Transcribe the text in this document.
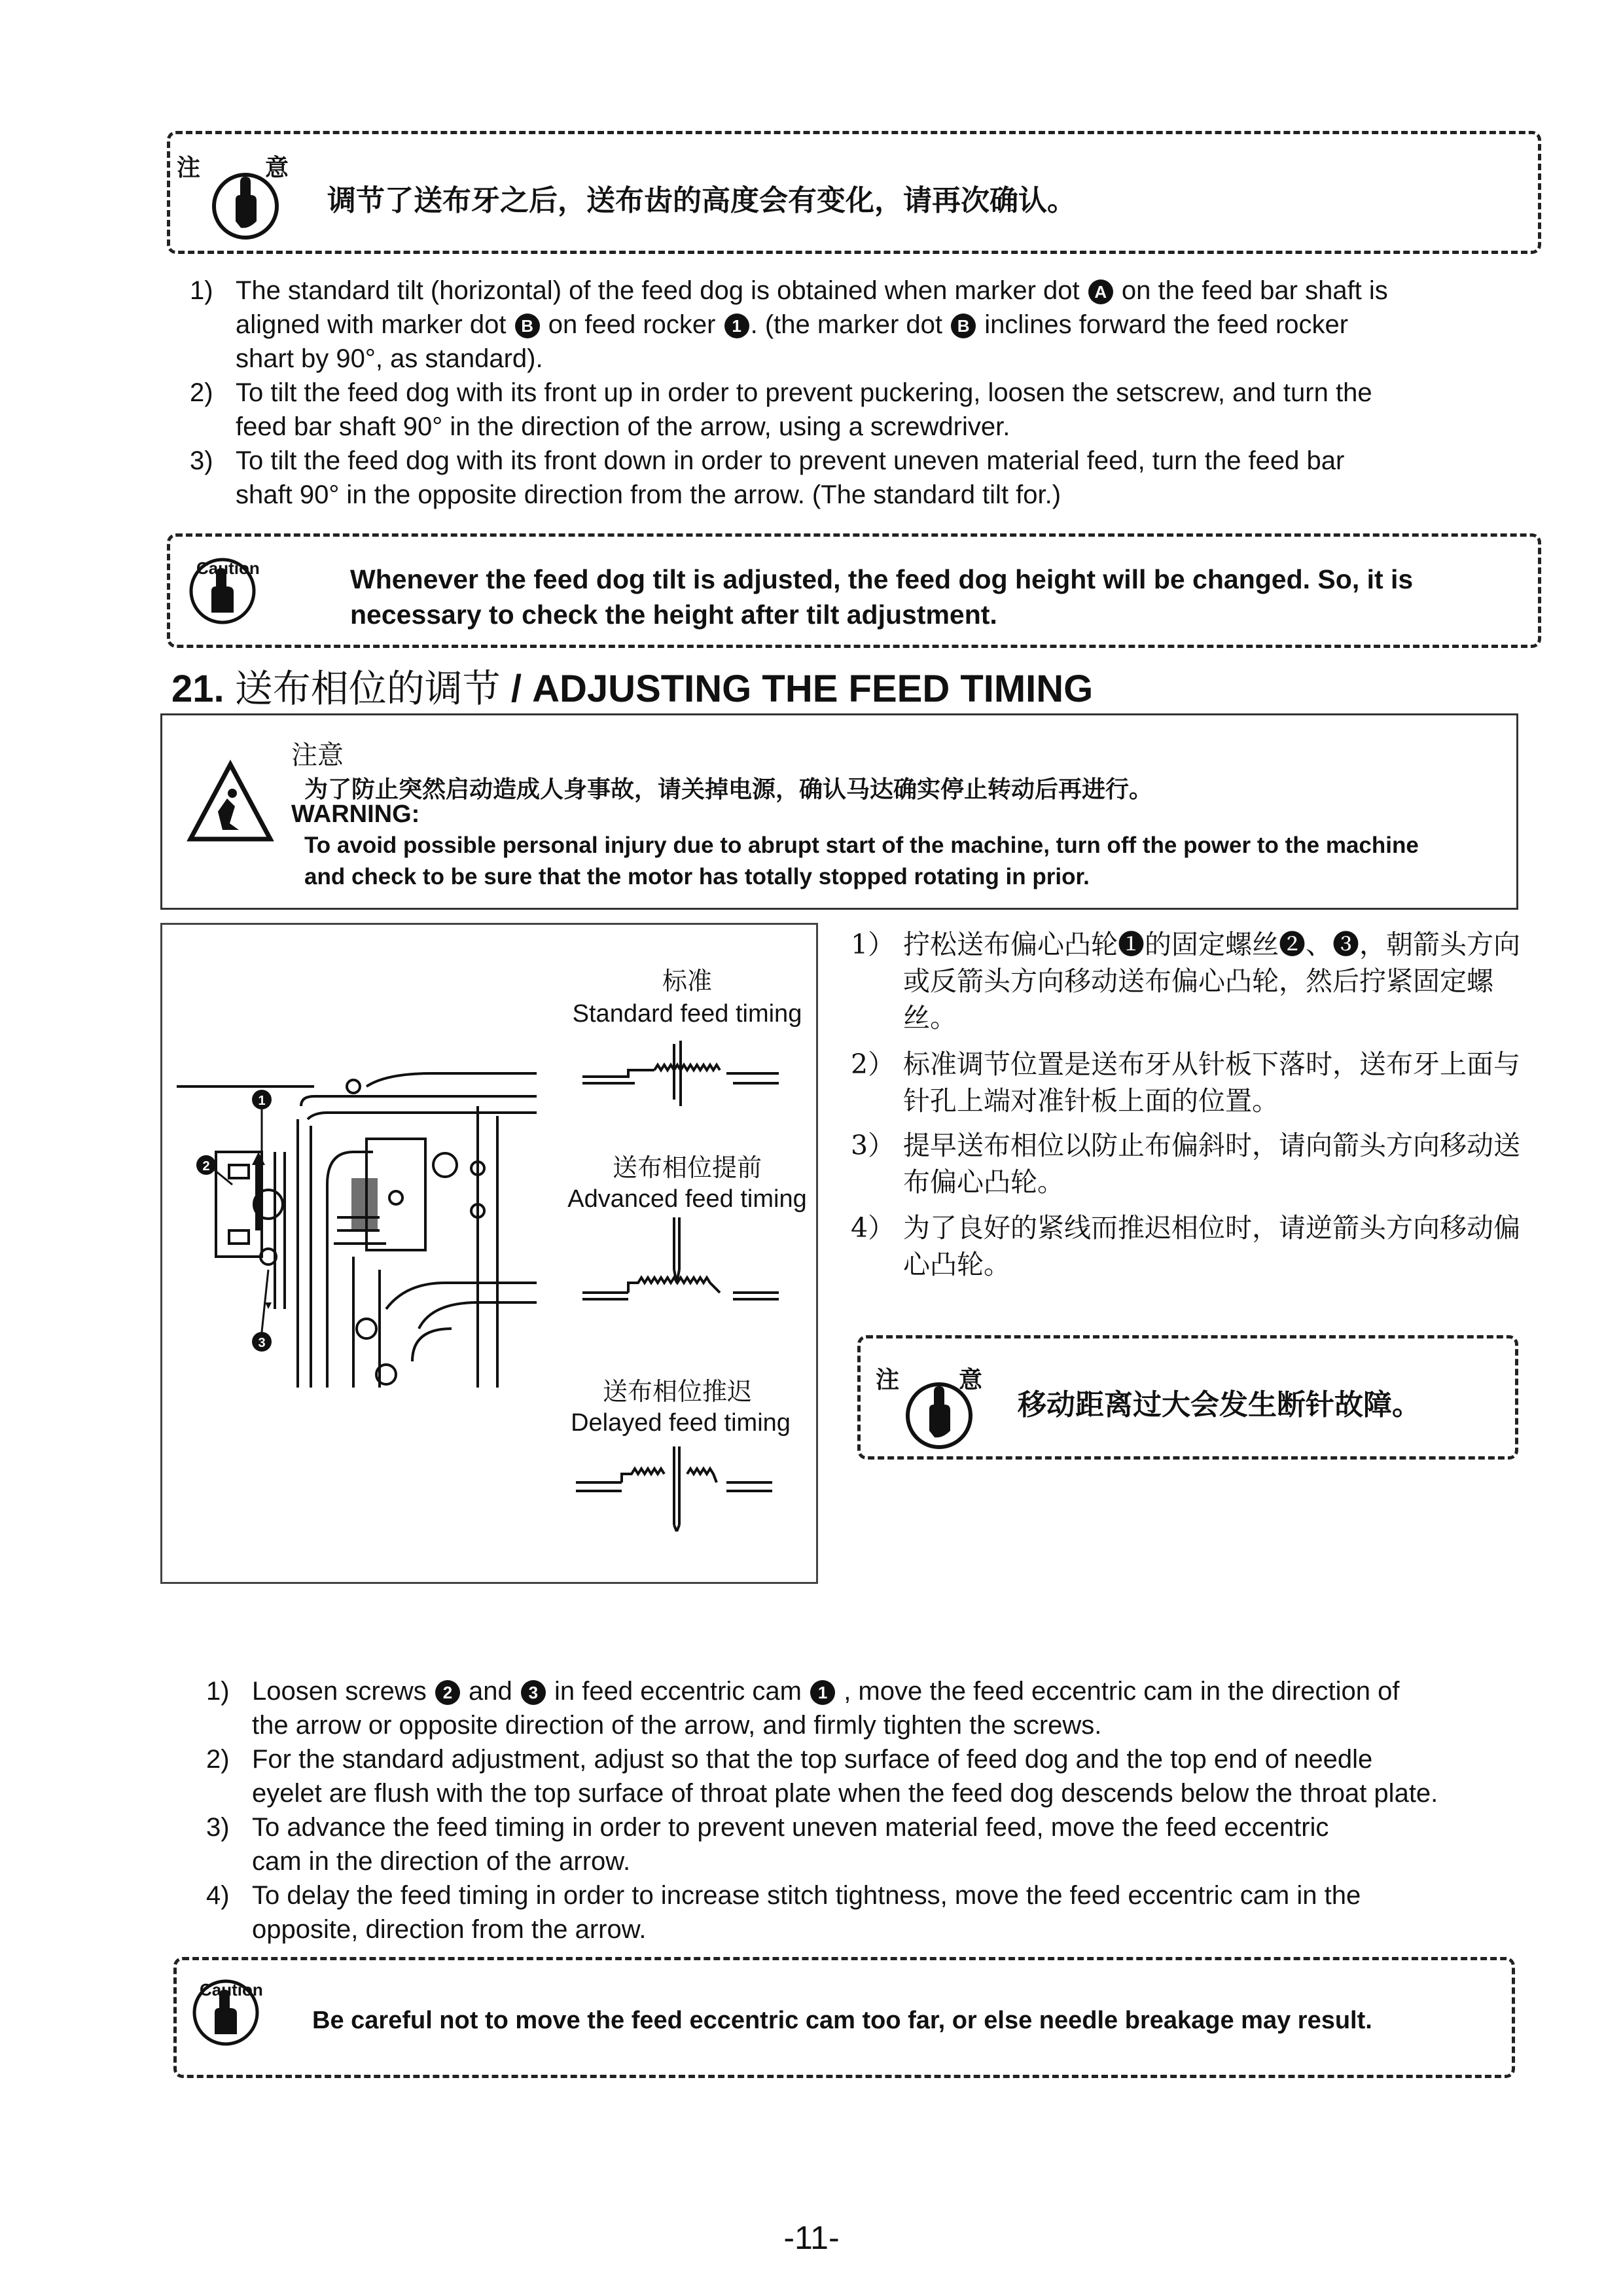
注	意
调节了送布牙之后，送布齿的高度会有变化，请再次确认。
1) The standard tilt (horizontal) of the feed dog is obtained when marker dot A on the feed bar shaft is
aligned with marker dot B on feed rocker 1 . (the marker dot B inclines forward the feed rocker
shart by 90°, as standard).
2) To tilt the feed dog with its front up in order to prevent puckering, loosen the setscrew, and turn the
feed bar shaft 90° in the direction of the arrow, using a screwdriver.
3) To tilt the feed dog with its front down in order to prevent uneven material feed, turn the feed bar
shaft 90° in the opposite direction from the arrow. (The standard tilt for.)
Caution	Whenever the feed dog tilt is adjusted, the feed dog height will be changed. So, it is
necessary to check the height after tilt adjustment.
21. 送布相位的调节 / ADJUSTING THE FEED TIMING
注意
为了防止突然启动造成人身事故，请关掉电源，确认马达确实停止转动后再进行。
WARNING:
To avoid possible personal injury due to abrupt start of the machine, turn off the power to the machine
and check to be sure that the motor has totally stopped rotating in prior.
1
2
3
标准
Standard feed timing
送布相位提前
Advanced feed timing
送布相位推迟
Delayed feed timing
1） 拧松送布偏心凸轮❶的固定螺丝❷、❸，朝箭头方向或反箭头方向移动送布偏心凸轮，然后拧紧固定螺丝。
2） 标准调节位置是送布牙从针板下落时，送布牙上面与针孔上端对准针板上面的位置。
3） 提早送布相位以防止布偏斜时，请向箭头方向移动送布偏心凸轮。
4） 为了良好的紧线而推迟相位时，请逆箭头方向移动偏心凸轮。
注	意
移动距离过大会发生断针故障。
1) Loosen screws 2 and 3 in feed eccentric cam 1 , move the feed eccentric cam in the direction of
the arrow or opposite direction of the arrow, and firmly tighten the screws.
2) For the standard adjustment, adjust so that the top surface of feed dog and the top end of needle
eyelet are flush with the top surface of throat plate when the feed dog descends below the throat plate.
3) To advance the feed timing in order to prevent uneven material feed, move the feed eccentric
cam in the direction of the arrow.
4) To delay the feed timing in order to increase stitch tightness, move the feed eccentric cam in the
opposite, direction from the arrow.
Caution
Be careful not to move the feed eccentric cam too far, or else needle breakage may result.
-11-
